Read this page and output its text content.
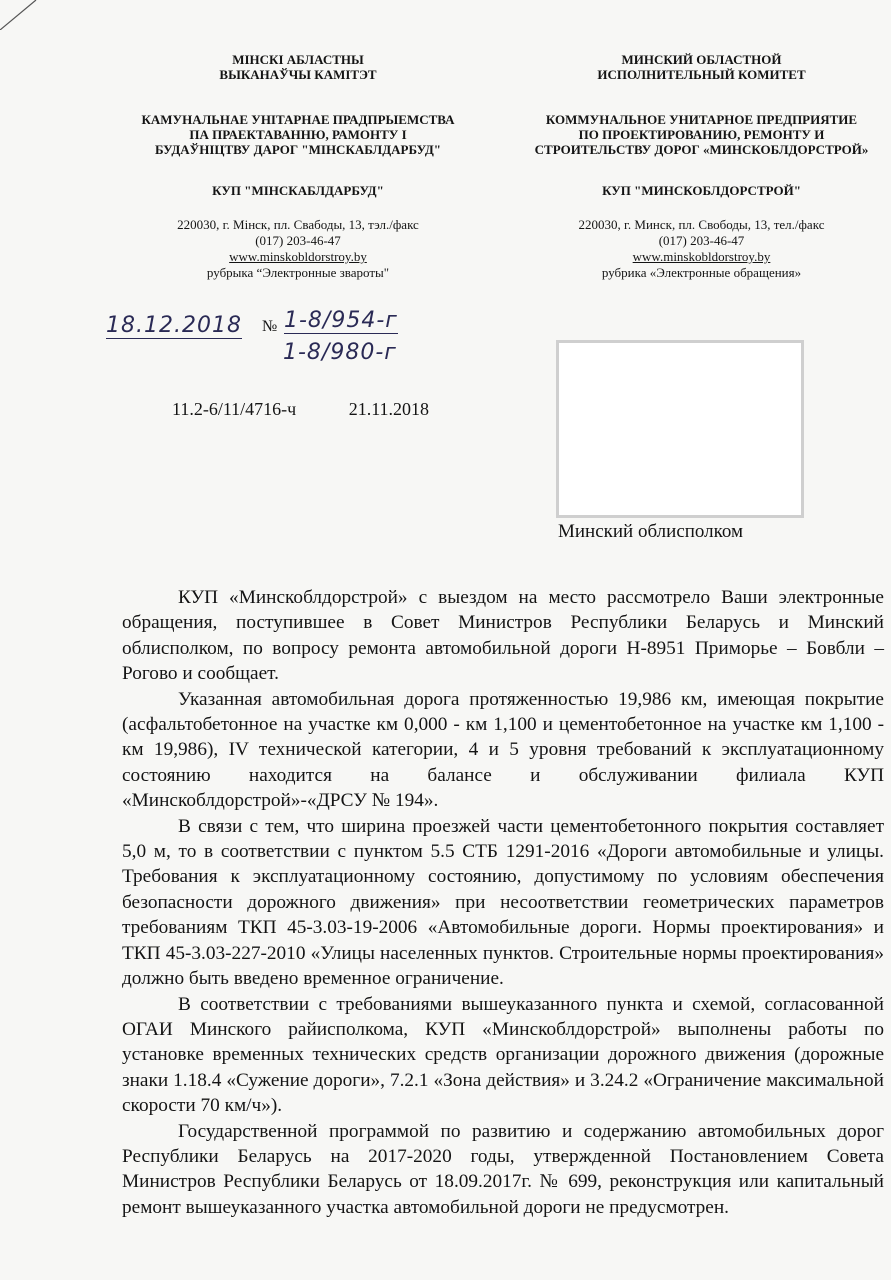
МІНСКІ АБЛАСТНЫ
ВЫКАНАЎЧЫ КАМІТЭТ
КАМУНАЛЬНАЕ УНІТАРНАЕ ПРАДПРЫЕМСТВА
ПА ПРАЕКТАВАННЮ, РАМОНТУ І
БУДАЎНІЦТВУ ДАРОГ "МІНСКАБЛДАРБУД"
КУП "МІНСКАБЛДАРБУД"
220030, г. Мінск, пл. Свабоды, 13, тэл./факс
(017) 203-46-47
www.minskobldorstroy.by
рубрыка “Электронные звароты"
МИНСКИЙ ОБЛАСТНОЙ
ИСПОЛНИТЕЛЬНЫЙ КОМИТЕТ
КОММУНАЛЬНОЕ УНИТАРНОЕ ПРЕДПРИЯТИЕ
ПО ПРОЕКТИРОВАНИЮ, РЕМОНТУ И
СТРОИТЕЛЬСТВУ ДОРОГ «МИНСКОБЛДОРСТРОЙ»
КУП "МИНСКОБЛДОРСТРОЙ"
220030, г. Минск, пл. Свободы, 13, тел./факс
(017) 203-46-47
www.minskobldorstroy.by
рубрика «Электронные обращения»
18.12.2018 № 1-8/954-г
1-8/980-г
11.2-6/11/4716-ч	21.11.2018
Минский облисполком

КУП «Минскоблдорстрой» с выездом на место рассмотрело Ваши электронные обращения, поступившее в Совет Министров Республики Беларусь и Минский облисполком, по вопросу ремонта автомобильной дороги Н-8951 Приморье – Бовбли – Рогово и сообщает.

Указанная автомобильная дорога протяженностью 19,986 км, имеющая покрытие (асфальтобетонное на участке км 0,000 - км 1,100 и цементобетонное на участке км 1,100 - км 19,986), IV технической категории, 4 и 5 уровня требований к эксплуатационному состоянию находится на балансе и обслуживании филиала КУП «Минскоблдорстрой»-«ДРСУ № 194».

В связи с тем, что ширина проезжей части цементобетонного покрытия составляет 5,0 м, то в соответствии с пунктом 5.5 СТБ 1291-2016 «Дороги автомобильные и улицы. Требования к эксплуатационному состоянию, допустимому по условиям обеспечения безопасности дорожного движения» при несоответствии геометрических параметров требованиям ТКП 45-3.03-19-2006 «Автомобильные дороги. Нормы проектирования» и ТКП 45-3.03-227-2010 «Улицы населенных пунктов. Строительные нормы проектирования» должно быть введено временное ограничение.

В соответствии с требованиями вышеуказанного пункта и схемой, согласованной ОГАИ Минского райисполкома, КУП «Минскоблдорстрой» выполнены работы по установке временных технических средств организации дорожного движения (дорожные знаки 1.18.4 «Сужение дороги», 7.2.1 «Зона действия» и 3.24.2 «Ограничение максимальной скорости 70 км/ч»).

Государственной программой по развитию и содержанию автомобильных дорог Республики Беларусь на 2017-2020 годы, утвержденной Постановлением Совета Министров Республики Беларусь от 18.09.2017г. № 699, реконструкция или капитальный ремонт вышеуказанного участка автомобильной дороги не предусмотрен.
